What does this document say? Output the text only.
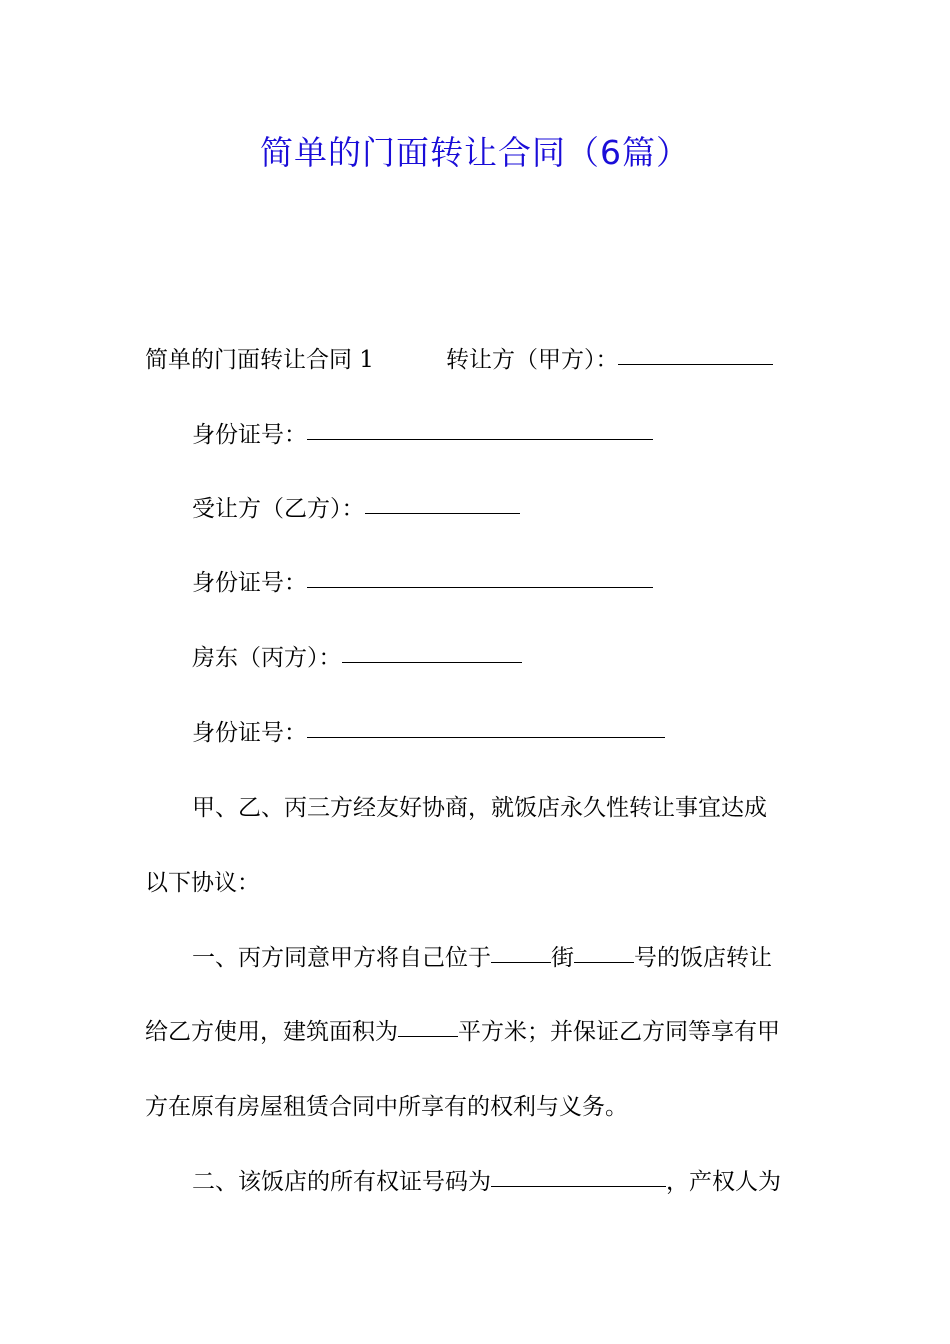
简单的门面转让合同（6篇）
简单的门面转让合同 1	转让方（甲方）：
身份证号：
受让方（乙方）：
身份证号：
房东（丙方）：
身份证号：
甲、乙、丙三方经友好协商，就饭店永久性转让事宜达成
以下协议：
一、丙方同意甲方将自己位于	街	号的饭店转让
给乙方使用，建筑面积为	平方米；并保证乙方同等享有甲
方在原有房屋租赁合同中所享有的权利与义务。
二、该饭店的所有权证号码为	，产权人为
